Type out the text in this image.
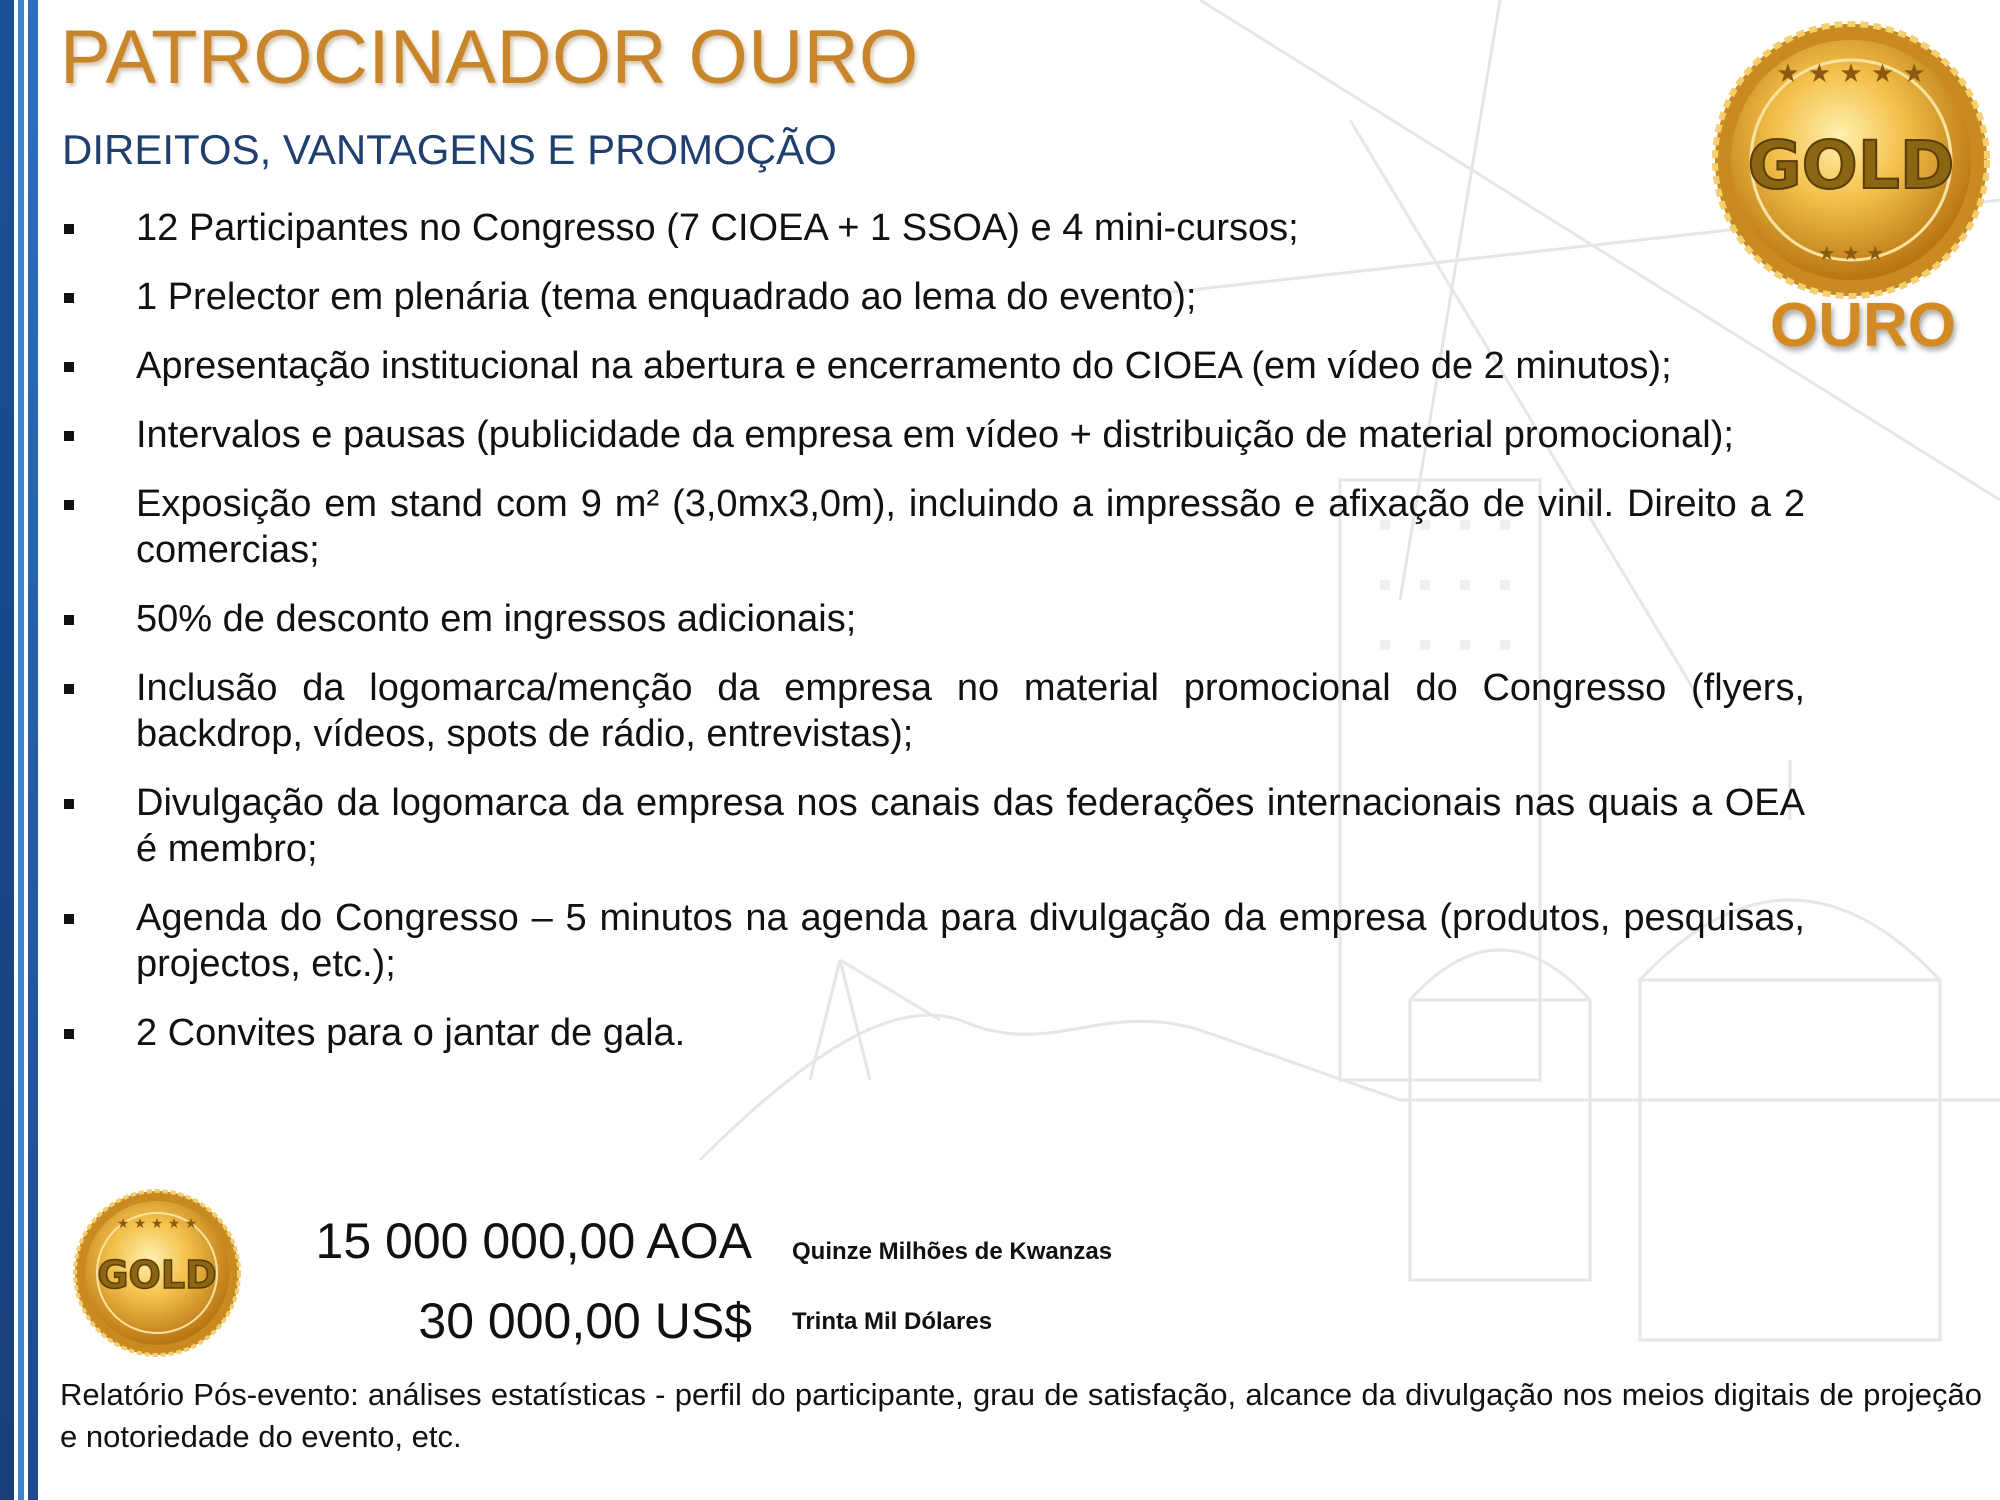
PATROCINADOR OURO
DIREITOS, VANTAGENS E PROMOÇÃO
★ ★ ★ ★ ★
★ ★ ★
GOLD

OURO

12 Participantes no Congresso (7 CIOEA + 1 SSOA) e 4 mini-cursos;
1 Prelector em plenária (tema enquadrado ao lema do evento);
Apresentação institucional na abertura e encerramento do CIOEA (em vídeo de 2 minutos);
Intervalos e pausas (publicidade da empresa em vídeo + distribuição de material promocional);
Exposição em stand com 9 m² (3,0mx3,0m), incluindo a impressão e afixação de vinil. Direito a 2 comercias;
50% de desconto em ingressos adicionais;
Inclusão da logomarca/menção da empresa no material promocional do Congresso (flyers, backdrop, vídeos, spots de rádio, entrevistas);
Divulgação da logomarca da empresa nos canais das federações internacionais nas quais a OEA é membro;
Agenda do Congresso – 5 minutos na agenda para divulgação da empresa (produtos, pesquisas, projectos, etc.);
2 Convites para o jantar de gala.
★ ★ ★ ★ ★
GOLD

15 000 000,00 AOA Quinze Milhões de Kwanzas

30 000,00 US$ Trinta Mil Dólares

Relatório Pós-evento: análises estatísticas - perfil do participante, grau de satisfação, alcance da divulgação nos meios digitais de projeção e notoriedade do evento, etc.
